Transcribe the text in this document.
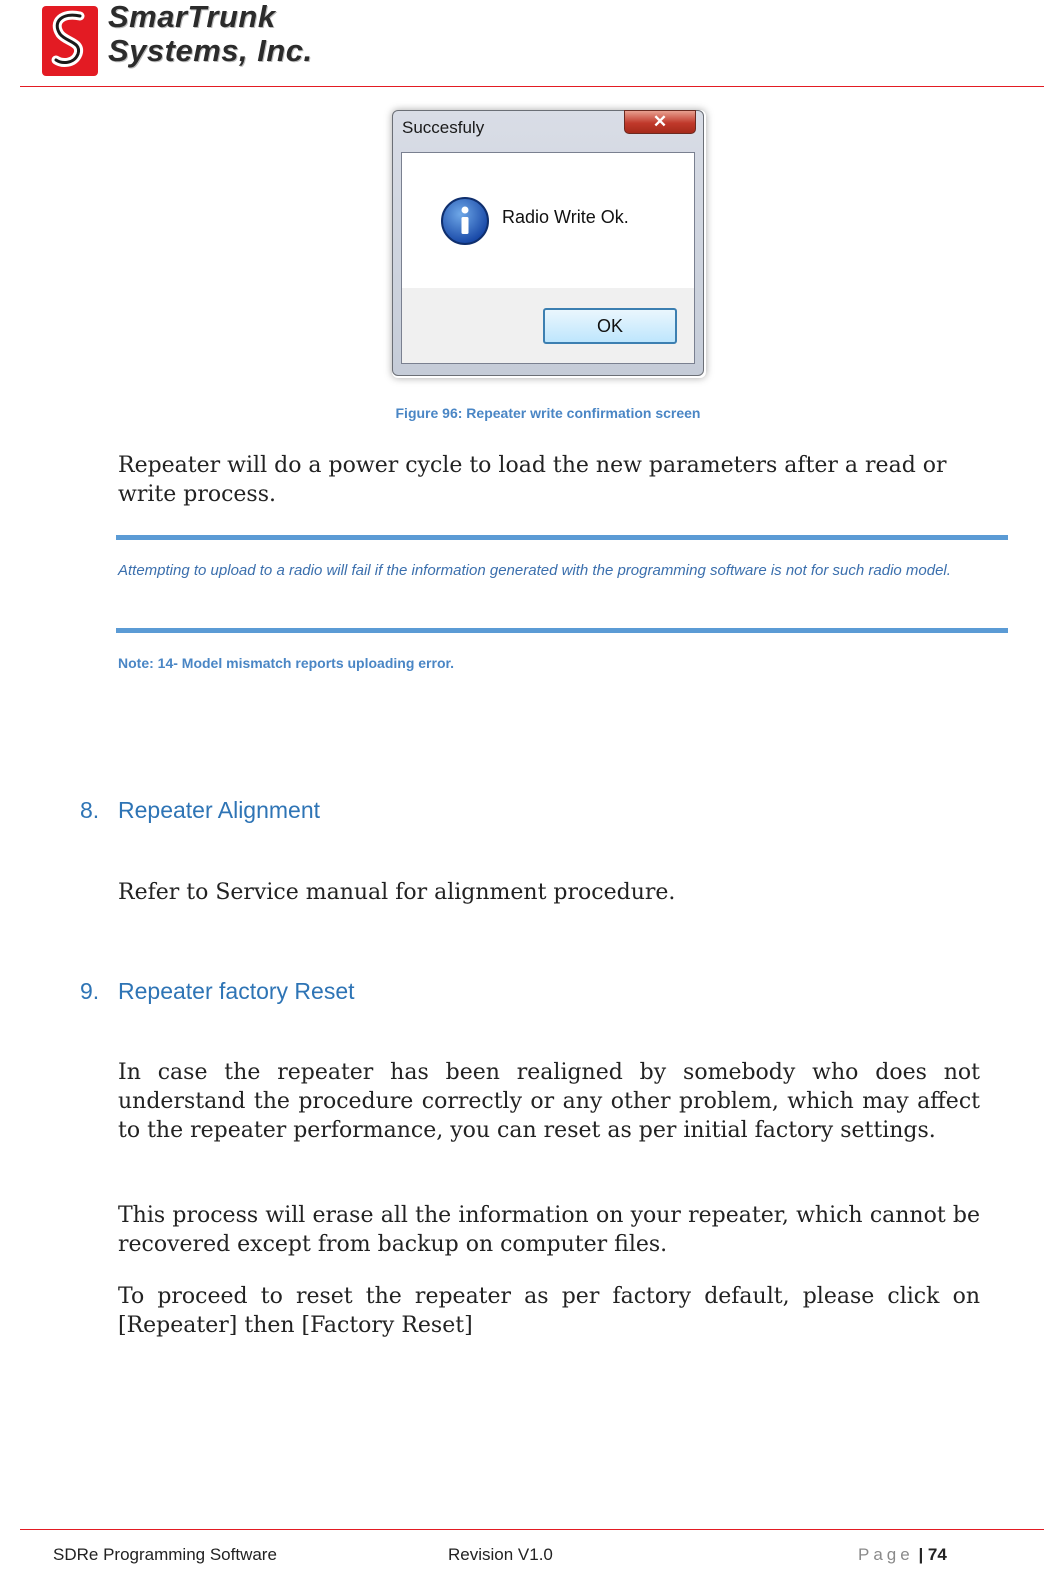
SmarTrunk
Systems, Inc.
Succesfuly	✕
Radio Write Ok.
OK
Figure 96: Repeater write confirmation screen
Repeater will do a power cycle to load the new parameters after a read or write process.
Attempting to upload to a radio will fail if the information generated with the programming software is not for such radio model.
Note: 14- Model mismatch reports uploading error.
8. Repeater Alignment
Refer to Service manual for alignment procedure.
9. Repeater factory Reset
In case the repeater has been realigned by somebody who does not understand the procedure correctly or any other problem, which may affect to the repeater performance, you can reset as per initial factory settings.
This process will erase all the information on your repeater, which cannot be recovered except from backup on computer files.
To proceed to reset the repeater as per factory default, please click on [Repeater] then [Factory Reset]
SDRe Programming Software	Revision V1.0	Page | 74
